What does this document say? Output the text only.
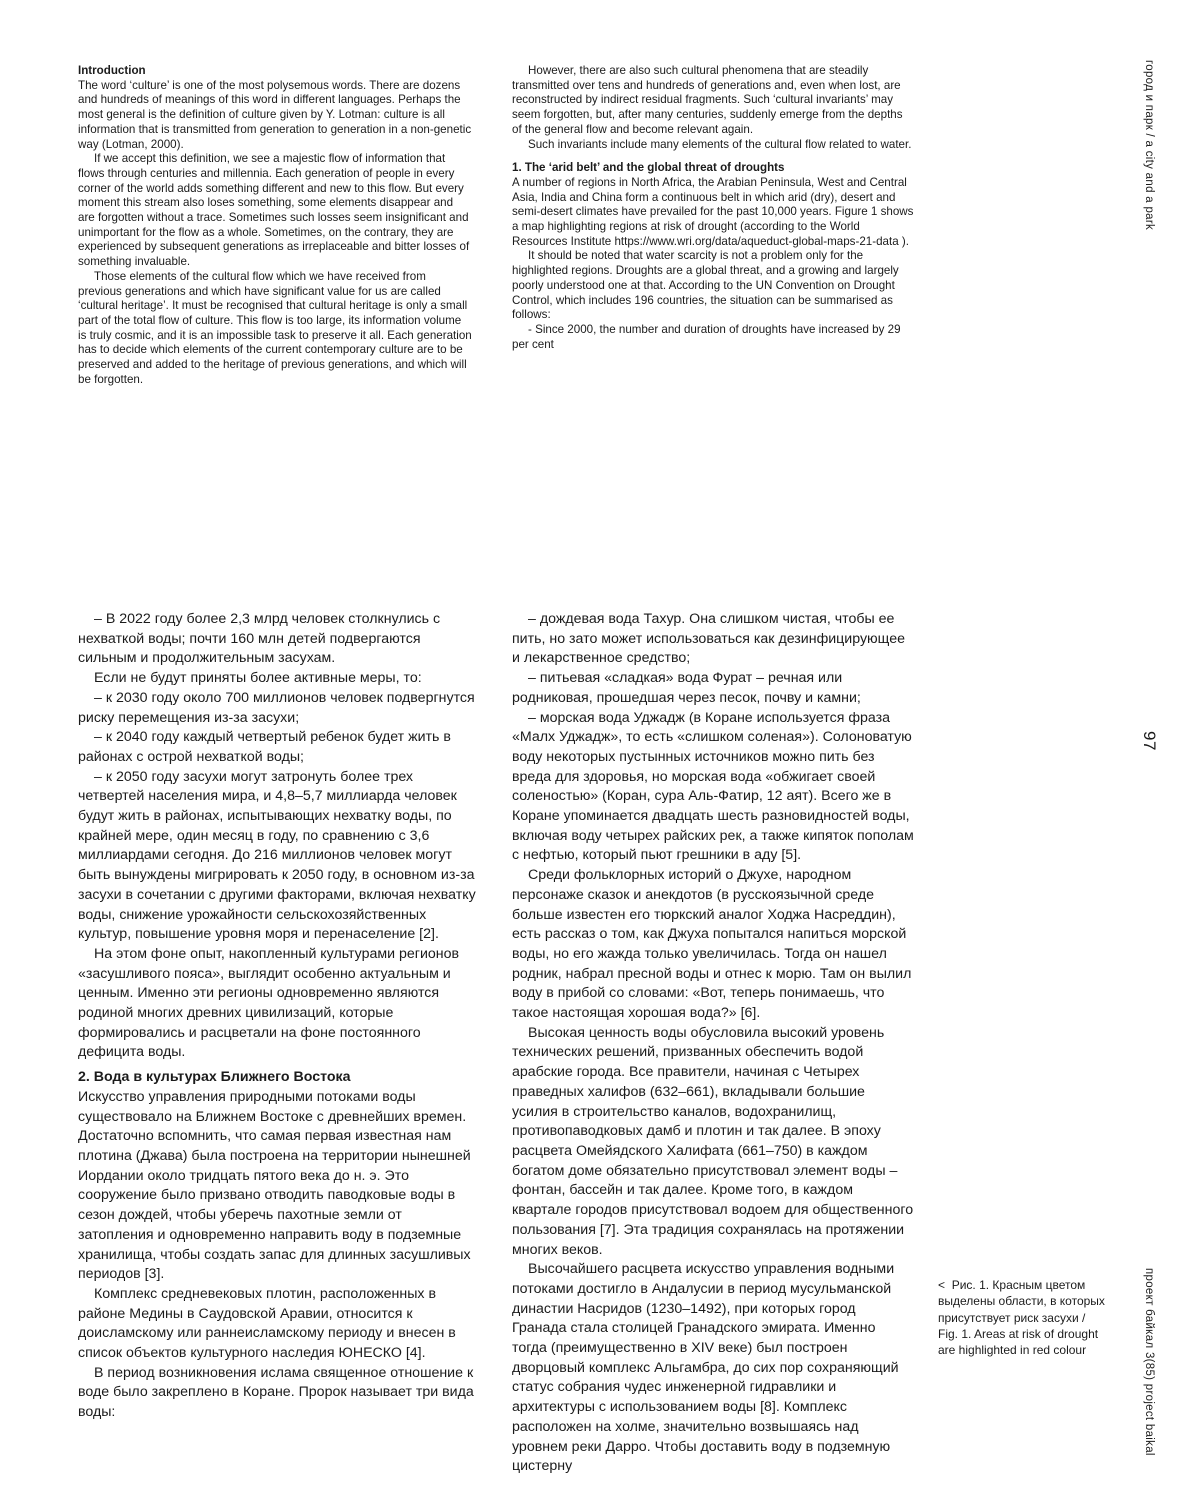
Introduction

The word ‘culture’ is one of the most polysemous words. There are dozens and hundreds of meanings of this word in different languages. Perhaps the most general is the definition of culture given by Y. Lotman: culture is all information that is transmitted from generation to generation in a non-genetic way (Lotman, 2000).

If we accept this definition, we see a majestic flow of information that flows through centuries and millennia. Each generation of people in every corner of the world adds something different and new to this flow. But every moment this stream also loses something, some elements disappear and are forgotten without a trace. Sometimes such losses seem insignificant and unimportant for the flow as a whole. Sometimes, on the contrary, they are experienced by subsequent generations as irreplaceable and bitter losses of something invaluable.

Those elements of the cultural flow which we have received from previous generations and which have significant value for us are called ‘cultural heritage’. It must be recognised that cultural heritage is only a small part of the total flow of culture. This flow is too large, its information volume is truly cosmic, and it is an impossible task to preserve it all. Each generation has to decide which elements of the current contemporary culture are to be preserved and added to the heritage of previous generations, and which will be forgotten.

However, there are also such cultural phenomena that are steadily transmitted over tens and hundreds of generations and, even when lost, are reconstructed by indirect residual fragments. Such ‘cultural invariants’ may seem forgotten, but, after many centuries, suddenly emerge from the depths of the general flow and become relevant again.

Such invariants include many elements of the cultural flow related to water.

1. The ‘arid belt’ and the global threat of droughts

A number of regions in North Africa, the Arabian Peninsula, West and Central Asia, India and China form a continuous belt in which arid (dry), desert and semi-desert climates have prevailed for the past 10,000 years. Figure 1 shows a map highlighting regions at risk of drought (according to the World Resources Institute https://www.wri.org/data/aqueduct-global-maps-21-data ).

It should be noted that water scarcity is not a problem only for the highlighted regions. Droughts are a global threat, and a growing and largely poorly understood one at that. According to the UN Convention on Drought Control, which includes 196 countries, the situation can be summarised as follows:

- Since 2000, the number and duration of droughts have increased by 29 per cent

– В 2022 году более 2,3 млрд человек столкнулись с нехваткой воды; почти 160 млн детей подвергаются сильным и продолжительным засухам.

Если не будут приняты более активные меры, то:

– к 2030 году около 700 миллионов человек подвергнутся риску перемещения из-за засухи;

– к 2040 году каждый четвертый ребенок будет жить в районах с острой нехваткой воды;

– к 2050 году засухи могут затронуть более трех четвертей населения мира, и 4,8–5,7 миллиарда человек будут жить в районах, испытывающих нехватку воды, по крайней мере, один месяц в году, по сравнению с 3,6 миллиардами сегодня. До 216 миллионов человек могут быть вынуждены мигрировать к 2050 году, в основном из-за засухи в сочетании с другими факторами, включая нехватку воды, снижение урожайности сельскохозяйственных культур, повышение уровня моря и перенаселение [2].

На этом фоне опыт, накопленный культурами регионов «засушливого пояса», выглядит особенно актуальным и ценным. Именно эти регионы одновременно являются родиной многих древних цивилизаций, которые формировались и расцветали на фоне постоянного дефицита воды.

2. Вода в культурах Ближнего Востока

Искусство управления природными потоками воды существовало на Ближнем Востоке с древнейших времен. Достаточно вспомнить, что самая первая известная нам плотина (Джава) была построена на территории нынешней Иордании около тридцать пятого века до н. э. Это сооружение было призвано отводить паводковые воды в сезон дождей, чтобы уберечь пахотные земли от затопления и одновременно направить воду в подземные хранилища, чтобы создать запас для длинных засушливых периодов [3].

Комплекс средневековых плотин, расположенных в районе Медины в Саудовской Аравии, относится к доисламскому или раннеисламскому периоду и внесен в список объектов культурного наследия ЮНЕСКО [4].

В период возникновения ислама священное отношение к воде было закреплено в Коране. Пророк называет три вида воды:

– дождевая вода Тахур. Она слишком чистая, чтобы ее пить, но зато может использоваться как дезинфицирующее и лекарственное средство;

– питьевая «сладкая» вода Фурат – речная или родниковая, прошедшая через песок, почву и камни;

– морская вода Уджадж (в Коране используется фраза «Малх Уджадж», то есть «слишком соленая»). Солоноватую воду некоторых пустынных источников можно пить без вреда для здоровья, но морская вода «обжигает своей соленостью» (Коран, сура Аль-Фатир, 12 аят). Всего же в Коране упоминается двадцать шесть разновидностей воды, включая воду четырех райских рек, а также кипяток пополам с нефтью, который пьют грешники в аду [5].

Среди фольклорных историй о Джухе, народном персонаже сказок и анекдотов (в русскоязычной среде больше известен его тюркский аналог Ходжа Насреддин), есть рассказ о том, как Джуха попытался напиться морской воды, но его жажда только увеличилась. Тогда он нашел родник, набрал пресной воды и отнес к морю. Там он вылил воду в прибой со словами: «Вот, теперь понимаешь, что такое настоящая хорошая вода?» [6].

Высокая ценность воды обусловила высокий уровень технических решений, призванных обеспечить водой арабские города. Все правители, начиная с Четырех праведных халифов (632–661), вкладывали большие усилия в строительство каналов, водохранилищ, противопаводковых дамб и плотин и так далее. В эпоху расцвета Омейядского Халифата (661–750) в каждом богатом доме обязательно присутствовал элемент воды – фонтан, бассейн и так далее. Кроме того, в каждом квартале городов присутствовал водоем для общественного пользования [7]. Эта традиция сохранялась на протяжении многих веков.

Высочайшего расцвета искусство управления водными потоками достигло в Андалусии в период мусульманской династии Насридов (1230–1492), при которых город Гранада стала столицей Гранадского эмирата. Именно тогда (преимущественно в XIV веке) был построен дворцовый комплекс Альгамбра, до сих пор сохраняющий статус собрания чудес инженерной гидравлики и архитектуры с использованием воды [8]. Комплекс расположен на холме, значительно возвышаясь над уровнем реки Дарро. Чтобы доставить воду в подземную цистерну

< Рис. 1. Красным цветом выделены области, в которых присутствует риск засухи /

Fig. 1. Areas at risk of drought are highlighted in red colour

город и парк / a city and a park
97
проект байкал 3(85) project baikal
